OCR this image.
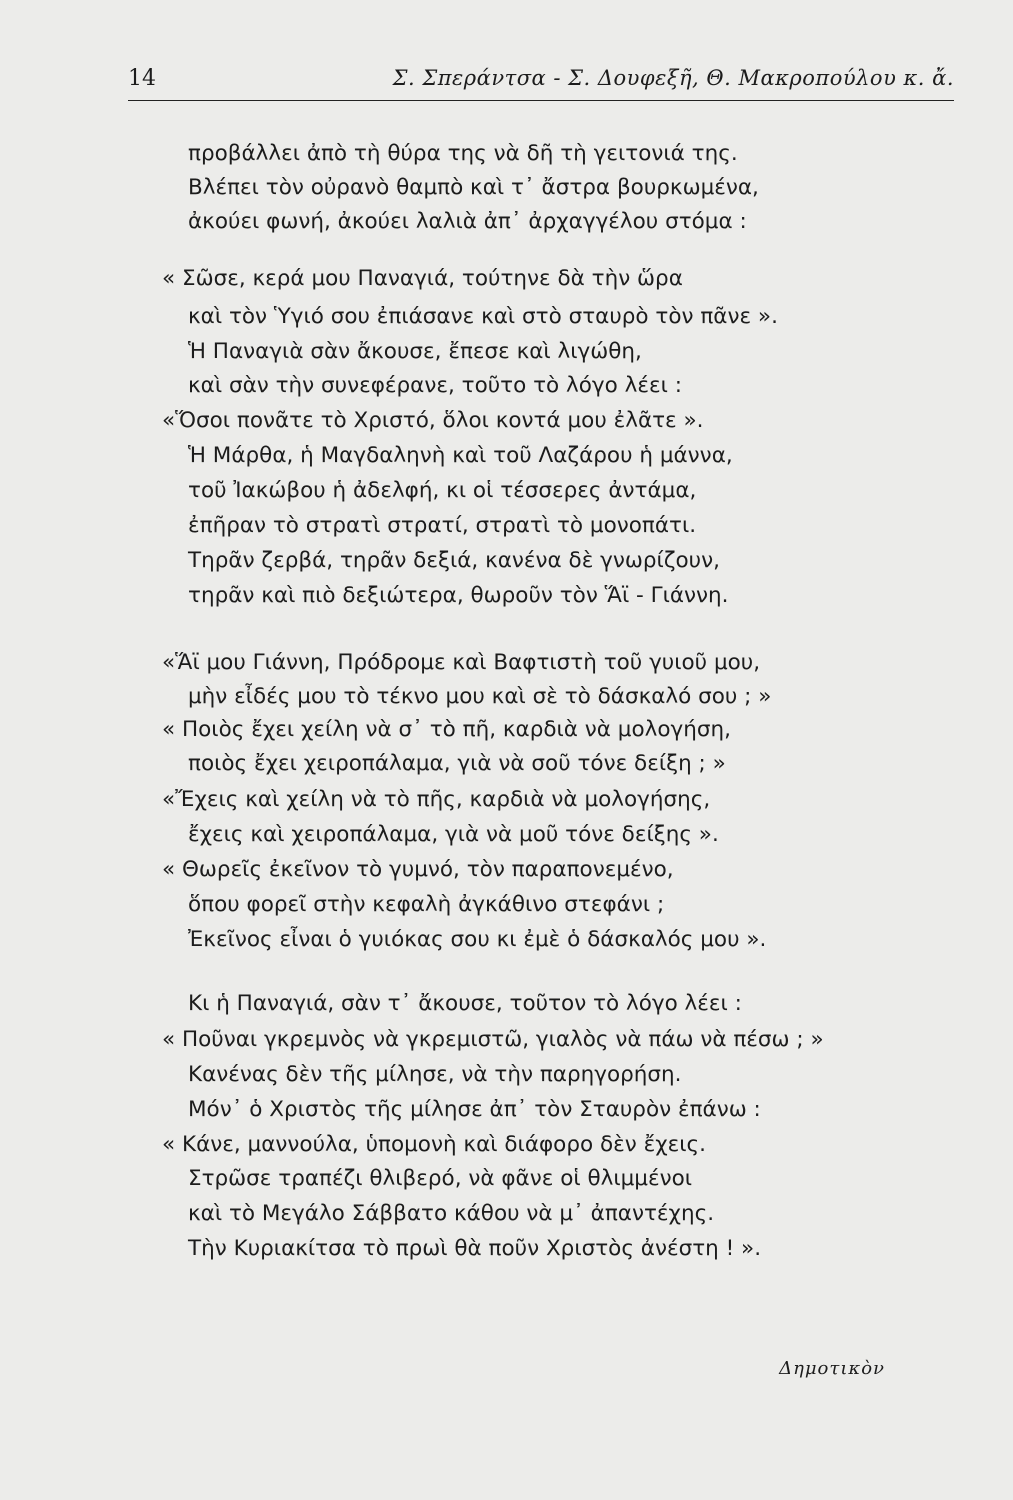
14	Σ. Σπεράντσα - Σ. Δουφεξῆ, Θ. Μακροπούλου κ. ἄ.
προβάλλει ἀπὸ τὴ θύρα της νὰ δῆ τὴ γειτονιά της.
Βλέπει τὸν οὐρανὸ θαμπὸ καὶ τ᾽ ἄστρα βουρκωμένα,
ἀκούει φωνή, ἀκούει λαλιὰ ἀπ᾽ ἀρχαγγέλου στόμα :
« Σῶσε, κερά μου Παναγιά, τούτηνε δὰ τὴν ὥρα
καὶ τὸν Ὑγιό σου ἐπιάσανε καὶ στὸ σταυρὸ τὸν πᾶνε ».
Ἡ Παναγιὰ σὰν ἄκουσε, ἔπεσε καὶ λιγώθη,
καὶ σὰν τὴν συνεφέρανε, τοῦτο τὸ λόγο λέει :
«Ὅσοι πονᾶτε τὸ Χριστό, ὅλοι κοντά μου ἐλᾶτε ».
Ἡ Μάρθα, ἡ Μαγδαληνὴ καὶ τοῦ Λαζάρου ἡ μάννα,
τοῦ Ἰακώβου ἡ ἀδελφή, κι οἱ τέσσερες ἀντάμα,
ἐπῆραν τὸ στρατὶ στρατί, στρατὶ τὸ μονοπάτι.
Τηρᾶν ζερβά, τηρᾶν δεξιά, κανένα δὲ γνωρίζουν,
τηρᾶν καὶ πιὸ δεξιώτερα, θωροῦν τὸν Ἅϊ - Γιάννη.
«Ἅϊ μου Γιάννη, Πρόδρομε καὶ Βαφτιστὴ τοῦ γυιοῦ μου,
μὴν εἶδές μου τὸ τέκνο μου καὶ σὲ τὸ δάσκαλό σου ; »
« Ποιὸς ἔχει χείλη νὰ σ᾽ τὸ πῆ, καρδιὰ νὰ μολογήση,
ποιὸς ἔχει χειροπάλαμα, γιὰ νὰ σοῦ τόνε δείξη ; »
«Ἔχεις καὶ χείλη νὰ τὸ πῆς, καρδιὰ νὰ μολογήσης,
ἔχεις καὶ χειροπάλαμα, γιὰ νὰ μοῦ τόνε δείξης ».
« Θωρεῖς ἐκεῖνον τὸ γυμνό, τὸν παραπονεμένο,
ὅπου φορεῖ στὴν κεφαλὴ ἀγκάθινο στεφάνι ;
Ἐκεῖνος εἶναι ὁ γυιόκας σου κι ἐμὲ ὁ δάσκαλός μου ».
Κι ἡ Παναγιά, σὰν τ᾽ ἄκουσε, τοῦτον τὸ λόγο λέει :
« Ποῦναι γκρεμνὸς νὰ γκρεμιστῶ, γιαλὸς νὰ πάω νὰ πέσω ; »
Κανένας δὲν τῆς μίλησε, νὰ τὴν παρηγορήση.
Μόν᾽ ὁ Χριστὸς τῆς μίλησε ἀπ᾽ τὸν Σταυρὸν ἐπάνω :
« Κάνε, μαννούλα, ὑπομονὴ καὶ διάφορο δὲν ἔχεις.
Στρῶσε τραπέζι θλιβερό, νὰ φᾶνε οἱ θλιμμένοι
καὶ τὸ Μεγάλο Σάββατο κάθου νὰ μ᾽ ἀπαντέχης.
Τὴν Κυριακίτσα τὸ πρωὶ θὰ ποῦν Χριστὸς ἀνέστη ! ».
Δημοτικὸν
